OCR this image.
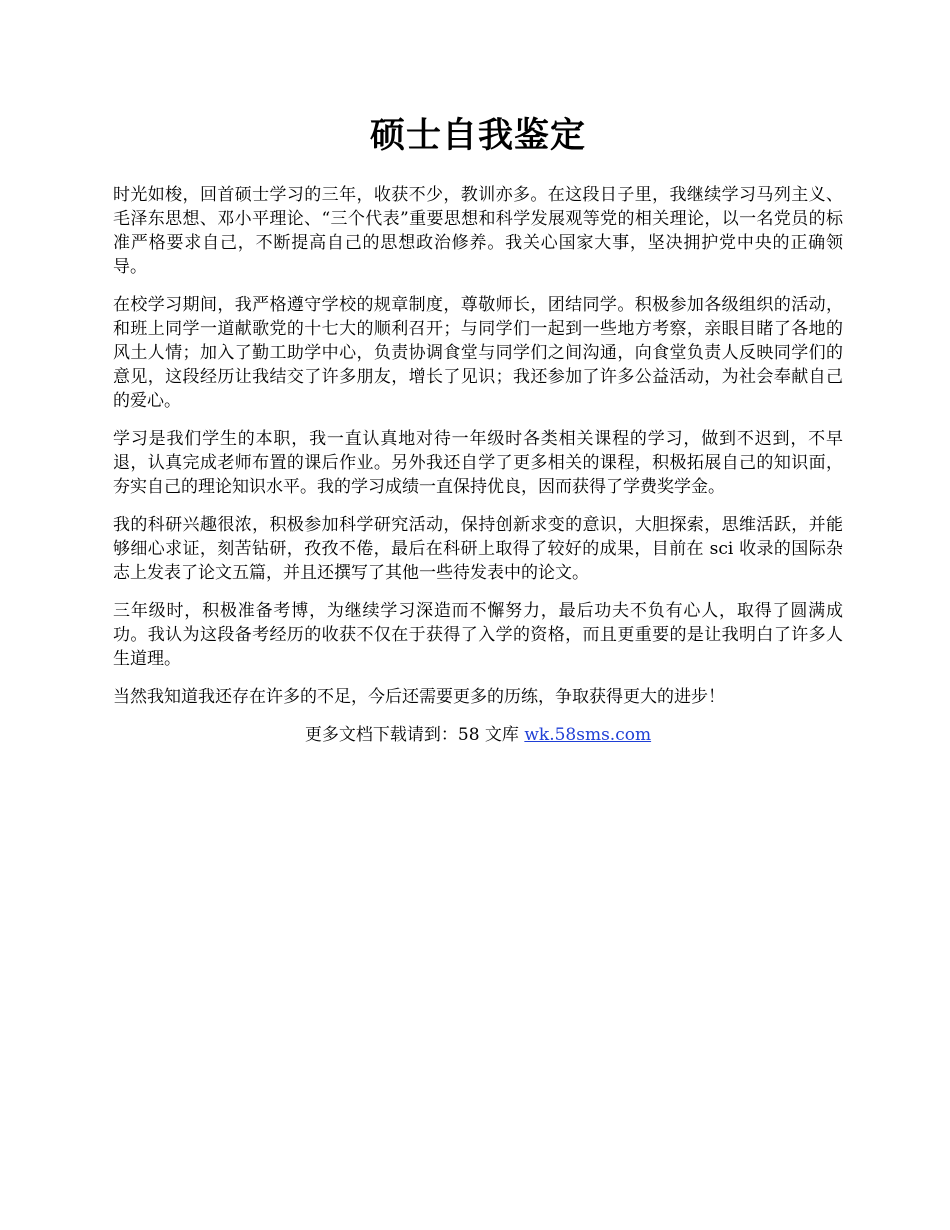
硕士自我鉴定

时光如梭，回首硕士学习的三年，收获不少，教训亦多。在这段日子里，我继续学习马列主义、毛泽东思想、邓小平理论、“三个代表”重要思想和科学发展观等党的相关理论，以一名党员的标准严格要求自己，不断提高自己的思想政治修养。我关心国家大事，坚决拥护党中央的正确领导。

在校学习期间，我严格遵守学校的规章制度，尊敬师长，团结同学。积极参加各级组织的活动，和班上同学一道献歌党的十七大的顺利召开；与同学们一起到一些地方考察，亲眼目睹了各地的风土人情；加入了勤工助学中心，负责协调食堂与同学们之间沟通，向食堂负责人反映同学们的意见，这段经历让我结交了许多朋友，增长了见识；我还参加了许多公益活动，为社会奉献自己的爱心。

学习是我们学生的本职，我一直认真地对待一年级时各类相关课程的学习，做到不迟到，不早退，认真完成老师布置的课后作业。另外我还自学了更多相关的课程，积极拓展自己的知识面，夯实自己的理论知识水平。我的学习成绩一直保持优良，因而获得了学费奖学金。

我的科研兴趣很浓，积极参加科学研究活动，保持创新求变的意识，大胆探索，思维活跃，并能够细心求证，刻苦钻研，孜孜不倦，最后在科研上取得了较好的成果，目前在 sci 收录的国际杂志上发表了论文五篇，并且还撰写了其他一些待发表中的论文。

三年级时，积极准备考博，为继续学习深造而不懈努力，最后功夫不负有心人，取得了圆满成功。我认为这段备考经历的收获不仅在于获得了入学的资格，而且更重要的是让我明白了许多人生道理。

当然我知道我还存在许多的不足，今后还需要更多的历练，争取获得更大的进步！

更多文档下载请到：58 文库 wk.58sms.com
